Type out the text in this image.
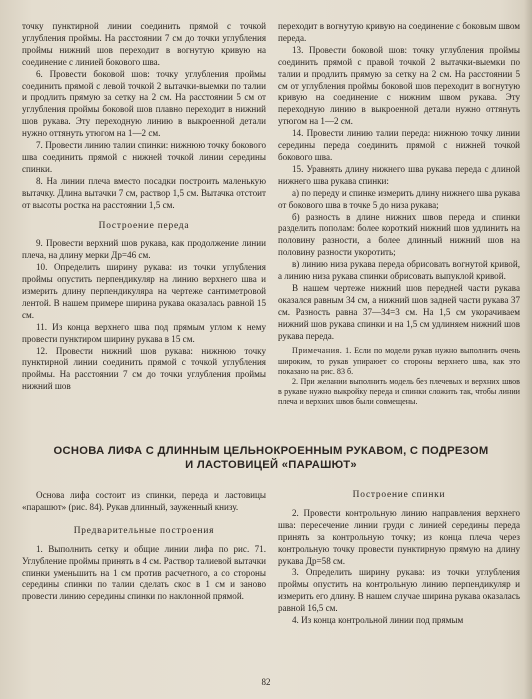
точку пунктирной линии соединить прямой с точкой углубления проймы. На расстоянии 7 см до точки углубления проймы нижний шов переходит в вогнутую кривую на соединение с линией бокового шва.

6. Провести боковой шов: точку углубления проймы соединить прямой с левой точкой 2 вытачки-выемки по талии и продлить прямую за сетку на 2 см. На расстоянии 5 см от углубления проймы боковой шов плавно переходит в нижний шов рукава. Эту переходную линию в выкроенной детали нужно оттянуть утюгом на 1—2 см.

7. Провести линию талии спинки: нижнюю точку бокового шва соединить прямой с нижней точкой линии середины спинки.

8. На линии плеча вместо посадки построить маленькую вытачку. Длина вытачки 7 см, раствор 1,5 см. Вытачка отстоит от высоты ростка на расстоянии 1,5 см.

Построение переда

9. Провести верхний шов рукава, как продолжение линии плеча, на длину мерки Др=46 см.

10. Определить ширину рукава: из точки углубления проймы опустить перпендикуляр на линию верхнего шва и измерить длину перпендикуляра на чертеже сантиметровой лентой. В нашем примере ширина рукава оказалась равной 15 см.

11. Из конца верхнего шва под прямым углом к нему провести пунктиром ширину рукава в 15 см.

12. Провести нижний шов рукава: нижнюю точку пунктирной линии соединить прямой с точкой углубления проймы. На расстоянии 7 см до точки углубления проймы нижний шов

переходит в вогнутую кривую на соединение с боковым швом переда.

13. Провести боковой шов: точку углубления проймы соединить прямой с правой точкой 2 вытачки-выемки по талии и продлить прямую за сетку на 2 см. На расстоянии 5 см от углубления проймы боковой шов переходит в вогнутую кривую на соединение с нижним швом рукава. Эту переходную линию в выкроенной детали нужно оттянуть утюгом на 1—2 см.

14. Провести линию талии переда: нижнюю точку линии середины переда соединить прямой с нижней точкой бокового шва.

15. Уравнять длину нижнего шва рукава переда с длиной нижнего шва рукава спинки:

а) по переду и спинке измерить длину нижнего шва рукава от бокового шва в точке 5 до низа рукава;

б) разность в длине нижних швов переда и спинки разделить пополам: более короткий нижний шов удлинить на половину разности, а более длинный нижний шов на половину разности укоротить;

в) линию низа рукава переда обрисовать вогнутой кривой, а линию низа рукава спинки обрисовать выпуклой кривой.

В нашем чертеже нижний шов передней части рукава оказался равным 34 см, а нижний шов задней части рукава 37 см. Разность равна 37—34=3 см. На 1,5 см укорачиваем нижний шов рукава спинки и на 1,5 см удлиняем нижний шов рукава переда.

Примечания. 1. Если по модели рукав нужно выполнить очень широким, то рукав упираюет со стороны верхнего шва, как это показано на рис. 83 б.

2. При желании выполнить модель без плечевых и верхних швов в рукаве нужно выкройку переда и спинки сложить так, чтобы линии плеча и верхних швов были совмещены.

ОСНОВА ЛИФА С ДЛИННЫМ ЦЕЛЬНОКРОЕННЫМ РУКАВОМ, С ПОДРЕЗОМ
И ЛАСТОВИЦЕЙ «ПАРАШЮТ»

Основа лифа состоит из спинки, переда и ластовицы «парашют» (рис. 84). Рукав длинный, зауженный книзу.

Предварительные построения

1. Выполнить сетку и общие линии лифа по рис. 71. Углубление проймы принять в 4 см. Раствор талиевой вытачки спинки уменьшить на 1 см против расчетного, а со стороны середины спинки по талии сделать скос в 1 см и заново провести линию середины спинки по наклонной прямой.

Построение спинки

2. Провести контрольную линию направления верхнего шва: пересечение линии груди с линией середины переда принять за контрольную точку; из конца плеча через контрольную точку провести пунктирную прямую на длину рукава Др=58 см.

3. Определить ширину рукава: из точки углубления проймы опустить на контрольную линию перпендикуляр и измерить его длину. В нашем случае ширина рукава оказалась равной 16,5 см.

4. Из конца контрольной линии под прямым

82
